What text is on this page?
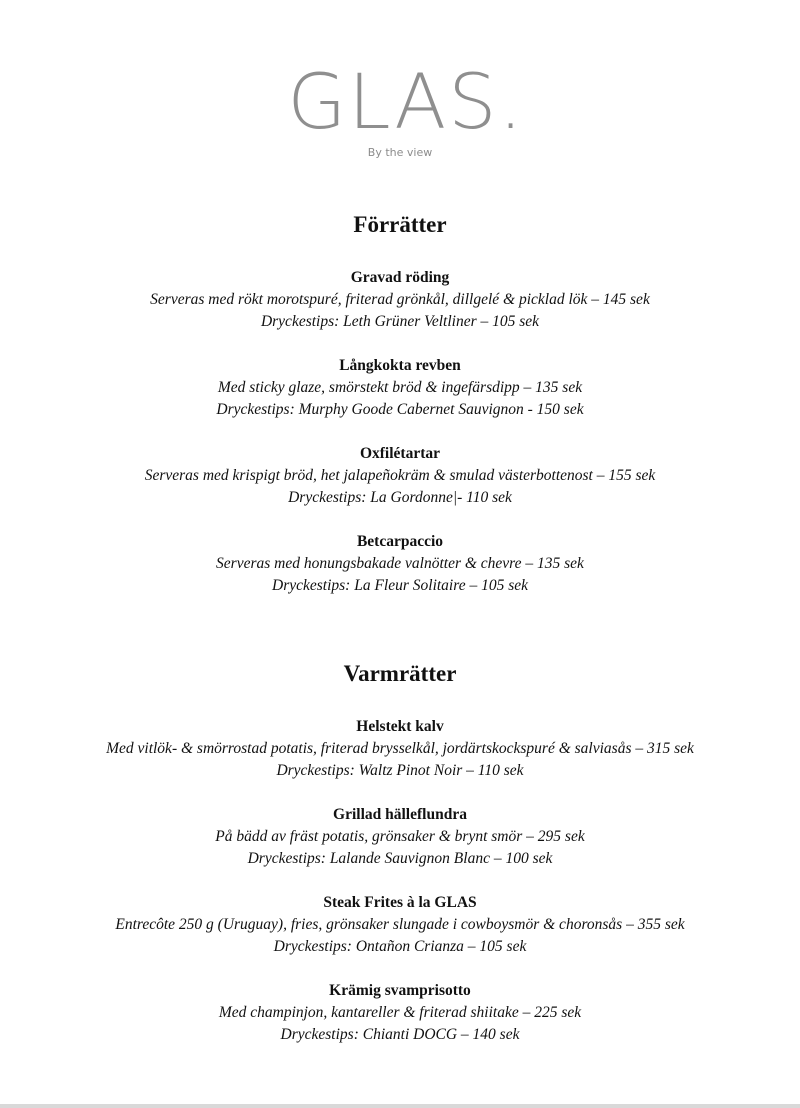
GLAS.
By the view
Förrätter
Gravad röding
Serveras med rökt morotspuré, friterad grönkål, dillgelé & picklad lök – 145 sek
Dryckestips: Leth Grüner Veltliner – 105 sek
Långkokta revben
Med sticky glaze, smörstekt bröd & ingefärsdipp – 135 sek
Dryckestips: Murphy Goode Cabernet Sauvignon - 150 sek
Oxfilétartar
Serveras med krispigt bröd, het jalapeñokräm & smulad västerbottenost – 155 sek
Dryckestips: La Gordonne|- 110 sek
Betcarpaccio
Serveras med honungsbakade valnötter & chevre – 135 sek
Dryckestips: La Fleur Solitaire – 105 sek
Varmrätter
Helstekt kalv
Med vitlök- & smörrostad potatis, friterad brysselkål, jordärtskockspuré & salviasås – 315 sek
Dryckestips: Waltz Pinot Noir – 110 sek
Grillad hälleflundra
På bädd av fräst potatis, grönsaker & brynt smör – 295 sek
Dryckestips: Lalande Sauvignon Blanc – 100 sek
Steak Frites à la GLAS
Entrecôte 250 g (Uruguay), fries, grönsaker slungade i cowboysmör & choronsås – 355 sek
Dryckestips: Ontañon Crianza – 105 sek
Krämig svamprisotto
Med champinjon, kantareller & friterad shiitake – 225 sek
Dryckestips: Chianti DOCG – 140 sek
